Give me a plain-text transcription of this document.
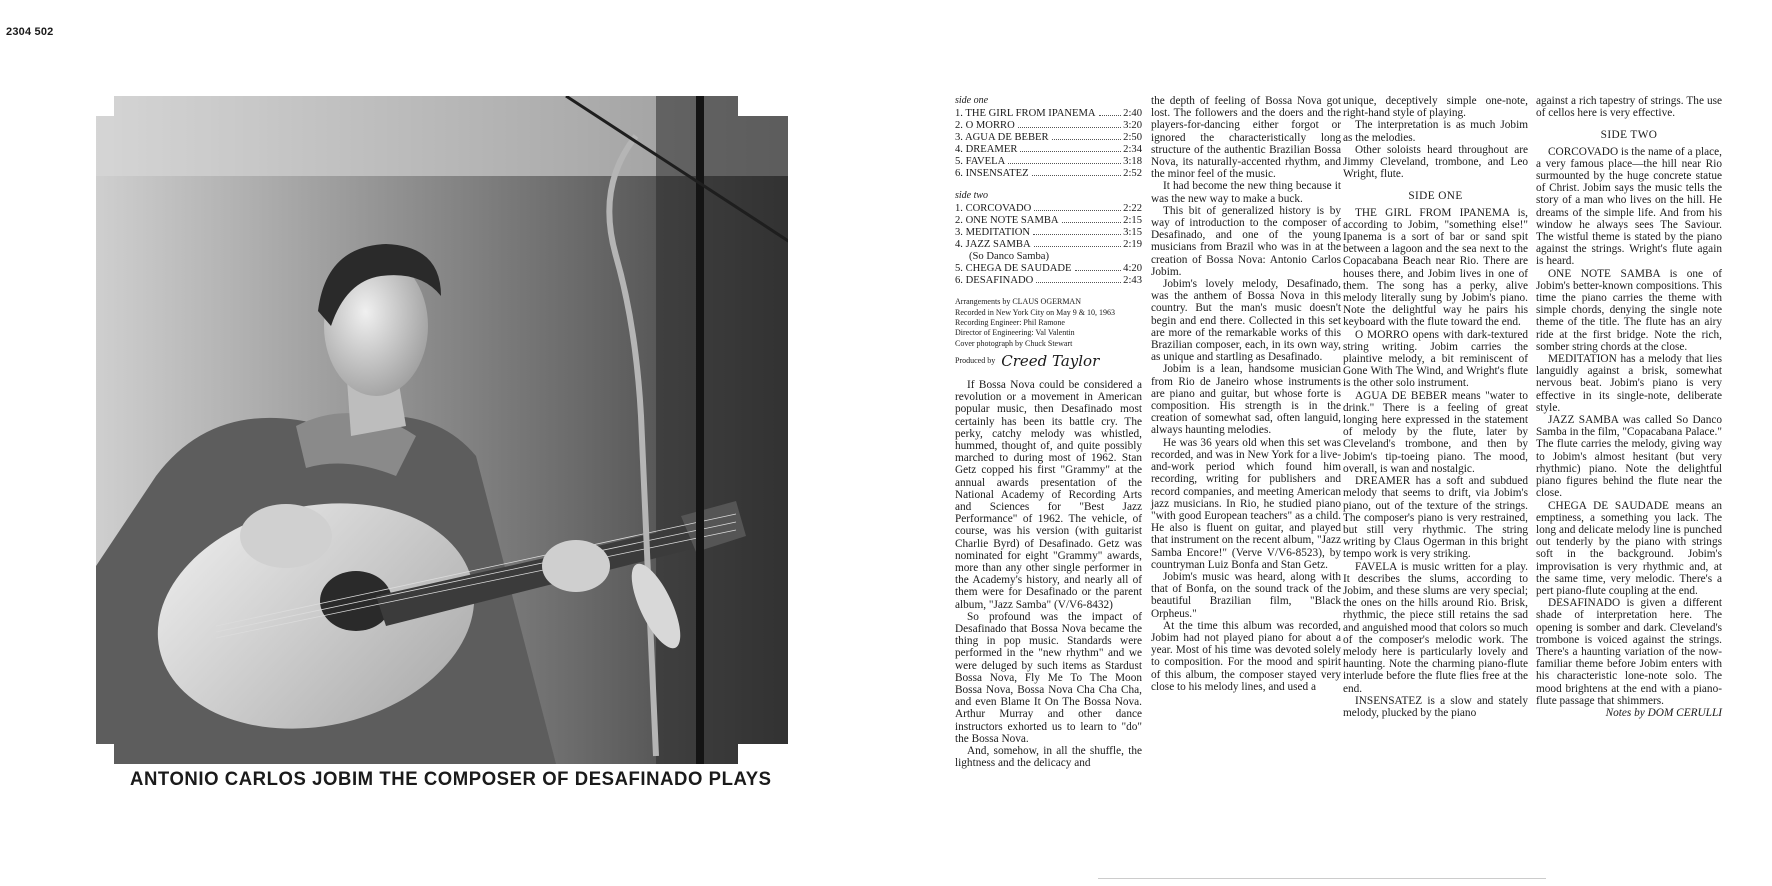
2304 502
ANTONIO CARLOS JOBIM THE COMPOSER OF DESAFINADO PLAYS
side one
1. THE GIRL FROM IPANEMA	2:40
2. O MORRO	3:20
3. AGUA DE BEBER	2:50
4. DREAMER	2:34
5. FAVELA	3:18
6. INSENSATEZ	2:52
side two
1. CORCOVADO	2:22
2. ONE NOTE SAMBA	2:15
3. MEDITATION	3:15
4. JAZZ SAMBA	2:19
(So Danco Samba)
5. CHEGA DE SAUDADE	4:20
6. DESAFINADO	2:43
Arrangements by CLAUS OGERMAN
Recorded in New York City on May 9 & 10, 1963
Recording Engineer: Phil Ramone
Director of Engineering: Val Valentin
Cover photograph by Chuck Stewart
Produced by Creed Taylor

If Bossa Nova could be considered a revolution or a movement in American popular music, then Desafinado most certainly has been its battle cry. The perky, catchy melody was whistled, hummed, thought of, and quite possibly marched to during most of 1962. Stan Getz copped his first "Grammy" at the annual awards presentation of the National Academy of Recording Arts and Sciences for "Best Jazz Performance" of 1962. The vehicle, of course, was his version (with guitarist Charlie Byrd) of Desafinado. Getz was nominated for eight "Grammy" awards, more than any other single performer in the Academy's history, and nearly all of them were for Desafinado or the parent album, "Jazz Samba" (V/V6-8432)

So profound was the impact of Desafinado that Bossa Nova became the thing in pop music. Standards were performed in the "new rhythm" and we were deluged by such items as Stardust Bossa Nova, Fly Me To The Moon Bossa Nova, Bossa Nova Cha Cha Cha, and even Blame It On The Bossa Nova. Arthur Murray and other dance instructors exhorted us to learn to "do" the Bossa Nova.

And, somehow, in all the shuffle, the lightness and the delicacy and

the depth of feeling of Bossa Nova got lost. The followers and the doers and the players-for-dancing either forgot or ignored the characteristically long structure of the authentic Brazilian Bossa Nova, its naturally-accented rhythm, and the minor feel of the music.

It had become the new thing because it was the new way to make a buck.

This bit of generalized history is by way of introduction to the composer of Desafinado, and one of the young musicians from Brazil who was in at the creation of Bossa Nova: Antonio Carlos Jobim.

Jobim's lovely melody, Desafinado, was the anthem of Bossa Nova in this country. But the man's music doesn't begin and end there. Collected in this set are more of the remarkable works of this Brazilian composer, each, in its own way, as unique and startling as Desafinado.

Jobim is a lean, handsome musician from Rio de Janeiro whose instruments are piano and guitar, but whose forte is composition. His strength is in the creation of somewhat sad, often languid, always haunting melodies.

He was 36 years old when this set was recorded, and was in New York for a live-and-work period which found him recording, writing for publishers and record companies, and meeting American jazz musicians. In Rio, he studied piano "with good European teachers" as a child. He also is fluent on guitar, and played that instrument on the recent album, "Jazz Samba Encore!" (Verve V/V6-8523), by countryman Luiz Bonfa and Stan Getz.

Jobim's music was heard, along with that of Bonfa, on the sound track of the beautiful Brazilian film, "Black Orpheus."

At the time this album was recorded, Jobim had not played piano for about a year. Most of his time was devoted solely to composition. For the mood and spirit of this album, the composer stayed very close to his melody lines, and used a

unique, deceptively simple one-note, right-hand style of playing.

The interpretation is as much Jobim as the melodies.

Other soloists heard throughout are Jimmy Cleveland, trombone, and Leo Wright, flute.

SIDE ONE

THE GIRL FROM IPANEMA is, according to Jobim, "something else!" Ipanema is a sort of bar or sand spit between a lagoon and the sea next to the Copacabana Beach near Rio. There are houses there, and Jobim lives in one of them. The song has a perky, alive melody literally sung by Jobim's piano. Note the delightful way he pairs his keyboard with the flute toward the end.

O MORRO opens with dark-textured string writing. Jobim carries the plaintive melody, a bit reminiscent of Gone With The Wind, and Wright's flute is the other solo instrument.

AGUA DE BEBER means "water to drink." There is a feeling of great longing here expressed in the statement of melody by the flute, later by Cleveland's trombone, and then by Jobim's tip-toeing piano. The mood, overall, is wan and nostalgic.

DREAMER has a soft and subdued melody that seems to drift, via Jobim's piano, out of the texture of the strings. The composer's piano is very restrained, but still very rhythmic. The string writing by Claus Ogerman in this bright tempo work is very striking.

FAVELA is music written for a play. It describes the slums, according to Jobim, and these slums are very special; the ones on the hills around Rio. Brisk, rhythmic, the piece still retains the sad and anguished mood that colors so much of the composer's melodic work. The melody here is particularly lovely and haunting. Note the charming piano-flute interlude before the flute flies free at the end.

INSENSATEZ is a slow and stately melody, plucked by the piano

against a rich tapestry of strings. The use of cellos here is very effective.

SIDE TWO

CORCOVADO is the name of a place, a very famous place—the hill near Rio surmounted by the huge concrete statue of Christ. Jobim says the music tells the story of a man who lives on the hill. He dreams of the simple life. And from his window he always sees The Saviour. The wistful theme is stated by the piano against the strings. Wright's flute again is heard.

ONE NOTE SAMBA is one of Jobim's better-known compositions. This time the piano carries the theme with simple chords, denying the single note theme of the title. The flute has an airy ride at the first bridge. Note the rich, somber string chords at the close.

MEDITATION has a melody that lies languidly against a brisk, somewhat nervous beat. Jobim's piano is very effective in its single-note, deliberate style.

JAZZ SAMBA was called So Danco Samba in the film, "Copacabana Palace." The flute carries the melody, giving way to Jobim's almost hesitant (but very rhythmic) piano. Note the delightful piano figures behind the flute near the close.

CHEGA DE SAUDADE means an emptiness, a something you lack. The long and delicate melody line is punched out tenderly by the piano with strings soft in the background. Jobim's improvisation is very rhythmic and, at the same time, very melodic. There's a pert piano-flute coupling at the end.

DESAFINADO is given a different shade of interpretation here. The opening is somber and dark. Cleveland's trombone is voiced against the strings. There's a haunting variation of the now-familiar theme before Jobim enters with his characteristic lone-note solo. The mood brightens at the end with a piano-flute passage that shimmers.

Notes by DOM CERULLI
